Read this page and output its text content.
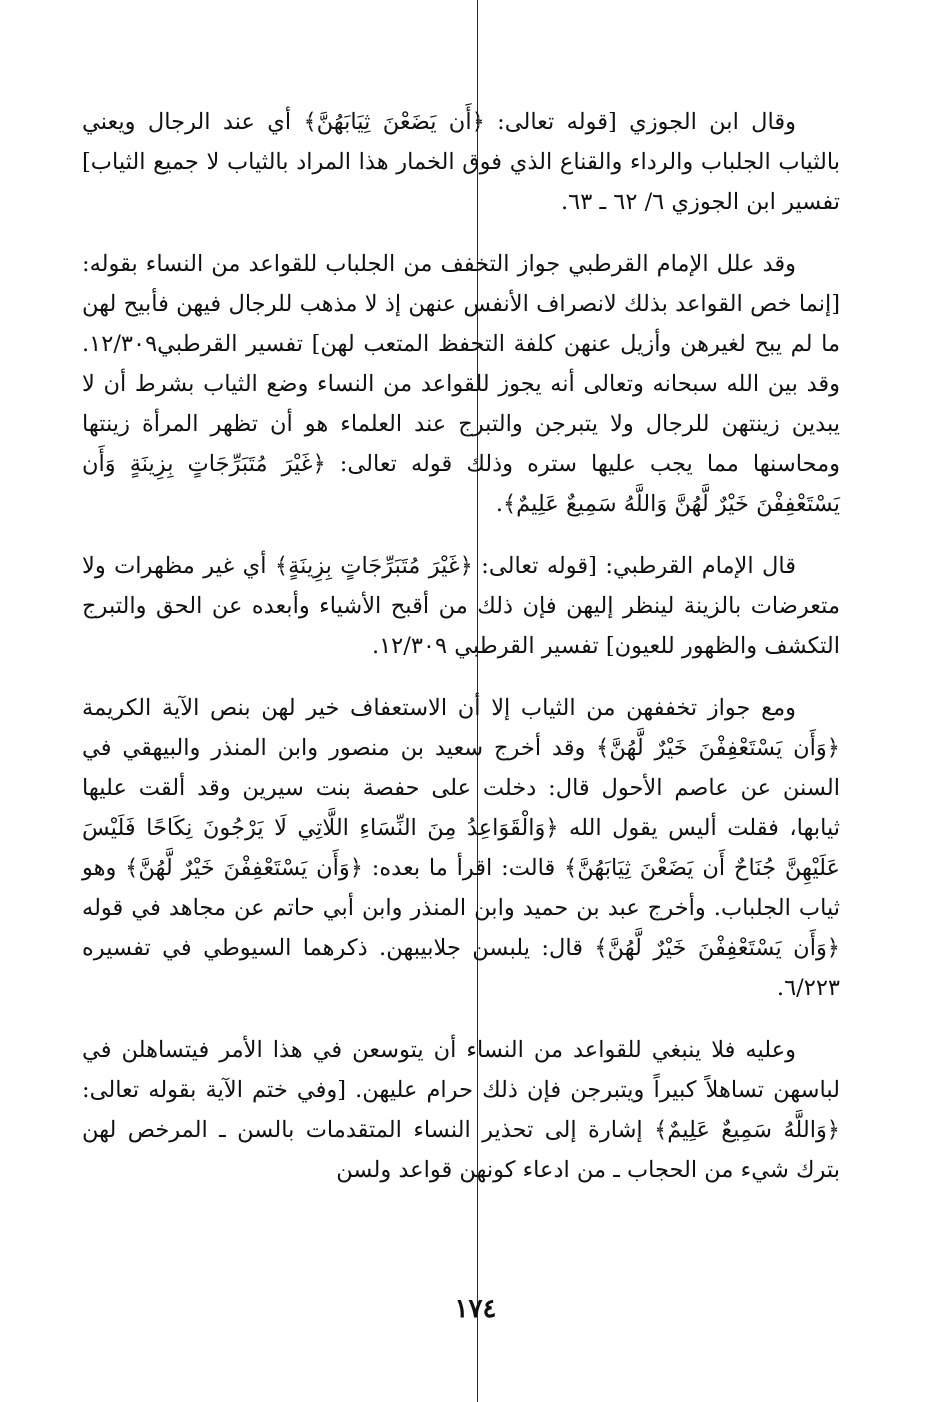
وقال ابن الجوزي [قوله تعالى: ﴿أَن يَضَعْنَ ثِيَابَهُنَّ﴾ أي عند الرجال ويعني بالثياب الجلباب والرداء والقناع الذي فوق الخمار هذا المراد بالثياب لا جميع الثياب] تفسير ابن الجوزي ٦/ ٦٢ ـ ٦٣.

وقد علل الإمام القرطبي جواز التخفف من الجلباب للقواعد من النساء بقوله: [إنما خص القواعد بذلك لانصراف الأنفس عنهن إذ لا مذهب للرجال فيهن فأبيح لهن ما لم يبح لغيرهن وأزيل عنهن كلفة التحفظ المتعب لهن] تفسير القرطبي١٢/٣٠٩. وقد بين الله سبحانه وتعالى أنه يجوز للقواعد من النساء وضع الثياب بشرط أن لا يبدين زينتهن للرجال ولا يتبرجن والتبرج عند العلماء هو أن تظهر المرأة زينتها ومحاسنها مما يجب عليها ستره وذلك قوله تعالى: ﴿غَيْرَ مُتَبَرِّجَاتٍ بِزِينَةٍ وَأَن يَسْتَعْفِفْنَ خَيْرٌ لَّهُنَّ وَاللَّهُ سَمِيعٌ عَلِيمٌ﴾.

قال الإمام القرطبي: [قوله تعالى: ﴿غَيْرَ مُتَبَرِّجَاتٍ بِزِينَةٍ﴾ أي غير مظهرات ولا متعرضات بالزينة لينظر إليهن فإن ذلك من أقبح الأشياء وأبعده عن الحق والتبرج التكشف والظهور للعيون] تفسير القرطبي ١٢/٣٠٩.

ومع جواز تخففهن من الثياب إلا أن الاستعفاف خير لهن بنص الآية الكريمة ﴿وَأَن يَسْتَعْفِفْنَ خَيْرٌ لَّهُنَّ﴾ وقد أخرج سعيد بن منصور وابن المنذر والبيهقي في السنن عن عاصم الأحول قال: دخلت على حفصة بنت سيرين وقد ألقت عليها ثيابها، فقلت أليس يقول الله ﴿وَالْقَوَاعِدُ مِنَ النِّسَاءِ اللَّاتِي لَا يَرْجُونَ نِكَاحًا فَلَيْسَ عَلَيْهِنَّ جُنَاحٌ أَن يَضَعْنَ ثِيَابَهُنَّ﴾ قالت: اقرأ ما بعده: ﴿وَأَن يَسْتَعْفِفْنَ خَيْرٌ لَّهُنَّ﴾ وهو ثياب الجلباب. وأخرج عبد بن حميد وابن المنذر وابن أبي حاتم عن مجاهد في قوله ﴿وَأَن يَسْتَعْفِفْنَ خَيْرٌ لَّهُنَّ﴾ قال: يلبسن جلابيبهن. ذكرهما السيوطي في تفسيره ٦/٢٢٣.

وعليه فلا ينبغي للقواعد من النساء أن يتوسعن في هذا الأمر فيتساهلن في لباسهن تساهلاً كبيراً ويتبرجن فإن ذلك حرام عليهن. [وفي ختم الآية بقوله تعالى: ﴿وَاللَّهُ سَمِيعٌ عَلِيمٌ﴾ إشارة إلى تحذير النساء المتقدمات بالسن ـ المرخص لهن بترك شيء من الحجاب ـ من ادعاء كونهن قواعد ولسن

١٧٤
